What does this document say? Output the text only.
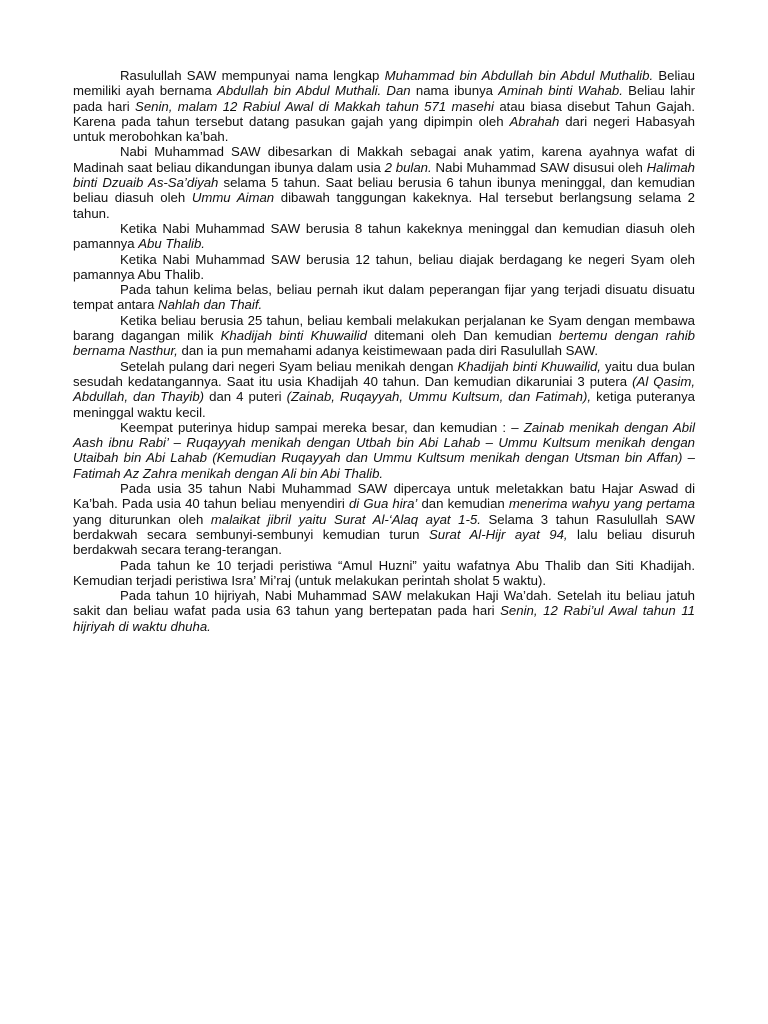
Rasulullah SAW mempunyai nama lengkap Muhammad bin Abdullah bin Abdul Muthalib. Beliau memiliki ayah bernama Abdullah bin Abdul Muthali. Dan nama ibunya Aminah binti Wahab. Beliau lahir pada hari Senin, malam 12 Rabiul Awal di Makkah tahun 571 masehi atau biasa disebut Tahun Gajah. Karena pada tahun tersebut datang pasukan gajah yang dipimpin oleh Abrahah dari negeri Habasyah untuk merobohkan ka’bah.

Nabi Muhammad SAW dibesarkan di Makkah sebagai anak yatim, karena ayahnya wafat di Madinah saat beliau dikandungan ibunya dalam usia 2 bulan. Nabi Muhammad SAW disusui oleh Halimah binti Dzuaib As-Sa’diyah selama 5 tahun. Saat beliau berusia 6 tahun ibunya meninggal, dan kemudian beliau diasuh oleh Ummu Aiman dibawah tanggungan kakeknya. Hal tersebut berlangsung selama 2 tahun.

Ketika Nabi Muhammad SAW berusia 8 tahun kakeknya meninggal dan kemudian diasuh oleh pamannya Abu Thalib.

Ketika Nabi Muhammad SAW berusia 12 tahun, beliau diajak berdagang ke negeri Syam oleh pamannya Abu Thalib.

Pada tahun kelima belas, beliau pernah ikut dalam peperangan fijar yang terjadi disuatu disuatu tempat antara Nahlah dan Thaif.

Ketika beliau berusia 25 tahun, beliau kembali melakukan perjalanan ke Syam dengan membawa barang dagangan milik Khadijah binti Khuwailid ditemani oleh Dan kemudian bertemu dengan rahib bernama Nasthur, dan ia pun memahami adanya keistimewaan pada diri Rasulullah SAW.

Setelah pulang dari negeri Syam beliau menikah dengan Khadijah binti Khuwailid, yaitu dua bulan sesudah kedatangannya. Saat itu usia Khadijah 40 tahun. Dan kemudian dikaruniai 3 putera (Al Qasim, Abdullah, dan Thayib) dan 4 puteri (Zainab, Ruqayyah, Ummu Kultsum, dan Fatimah), ketiga puteranya meninggal waktu kecil.

Keempat puterinya hidup sampai mereka besar, dan kemudian : – Zainab menikah dengan Abil Aash ibnu Rabi’ – Ruqayyah menikah dengan Utbah bin Abi Lahab – Ummu Kultsum menikah dengan Utaibah bin Abi Lahab (Kemudian Ruqayyah dan Ummu Kultsum menikah dengan Utsman bin Affan) – Fatimah Az Zahra menikah dengan Ali bin Abi Thalib.

Pada usia 35 tahun Nabi Muhammad SAW dipercaya untuk meletakkan batu Hajar Aswad di Ka’bah. Pada usia 40 tahun beliau menyendiri di Gua hira’ dan kemudian menerima wahyu yang pertama yang diturunkan oleh malaikat jibril yaitu Surat Al-‘Alaq ayat 1-5. Selama 3 tahun Rasulullah SAW berdakwah secara sembunyi-sembunyi kemudian turun Surat Al-Hijr ayat 94, lalu beliau disuruh berdakwah secara terang-terangan.

Pada tahun ke 10 terjadi peristiwa “Amul Huzni” yaitu wafatnya Abu Thalib dan Siti Khadijah. Kemudian terjadi peristiwa Isra’ Mi’raj (untuk melakukan perintah sholat 5 waktu).

Pada tahun 10 hijriyah, Nabi Muhammad SAW melakukan Haji Wa’dah. Setelah itu beliau jatuh sakit dan beliau wafat pada usia 63 tahun yang bertepatan pada hari Senin, 12 Rabi’ul Awal tahun 11 hijriyah di waktu dhuha.
